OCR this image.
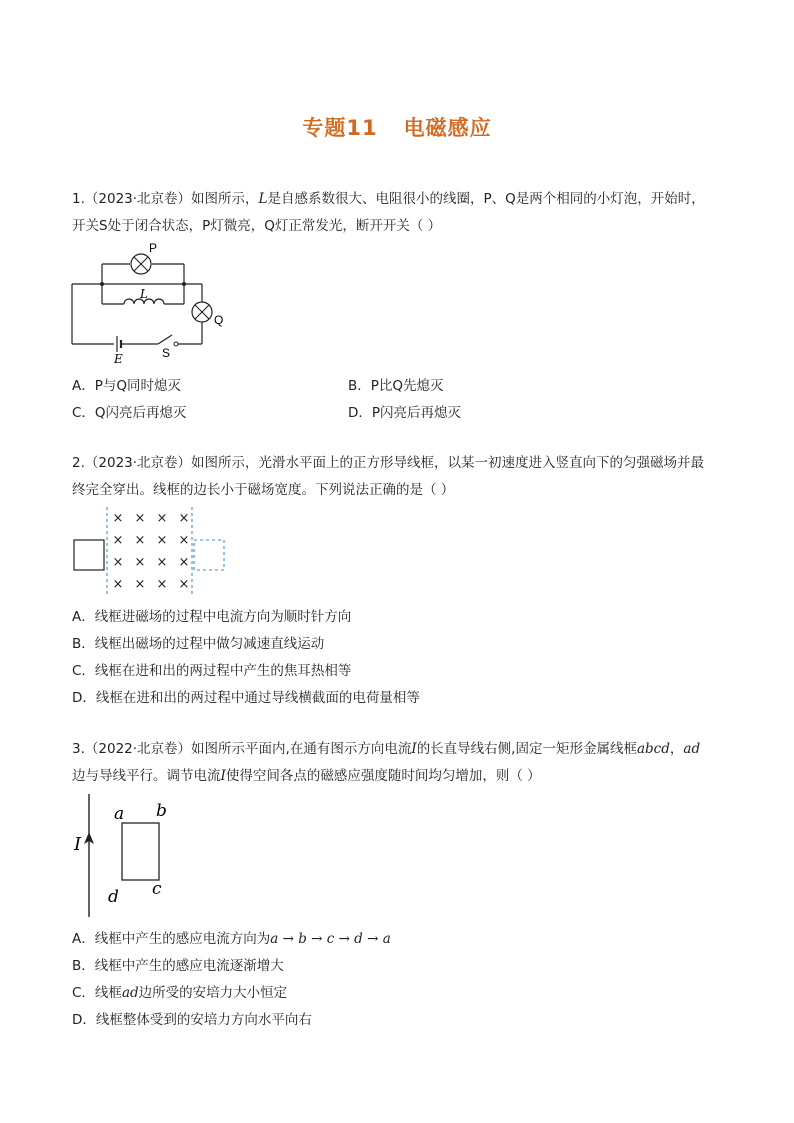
专题11 电磁感应
1.（2023·北京卷）如图所示，L是自感系数很大、电阻很小的线圈，P、Q是两个相同的小灯泡，开始时，
开关S处于闭合状态，P灯微亮，Q灯正常发光，断开开关（ ）
P
Q
L
E	S
A．P与Q同时熄灭	B．P比Q先熄灭
C．Q闪亮后再熄灭	D．P闪亮后再熄灭
2.（2023·北京卷）如图所示，光滑水平面上的正方形导线框，以某一初速度进入竖直向下的匀强磁场并最
终完全穿出。线框的边长小于磁场宽度。下列说法正确的是（ ）
× × × ×
× × × ×
× × × ×
× × × ×
A．线框进磁场的过程中电流方向为顺时针方向
B．线框出磁场的过程中做匀减速直线运动
C．线框在进和出的两过程中产生的焦耳热相等
D．线框在进和出的两过程中通过导线横截面的电荷量相等
3.（2022·北京卷）如图所示平面内,在通有图示方向电流I的长直导线右侧,固定一矩形金属线框abcd，ad
边与导线平行。调节电流I使得空间各点的磁感应强度随时间均匀增加，则（ ）
I
a b
c
d
A．线框中产生的感应电流方向为a → b → c → d → a
B．线框中产生的感应电流逐渐增大
C．线框ad边所受的安培力大小恒定
D．线框整体受到的安培力方向水平向右
